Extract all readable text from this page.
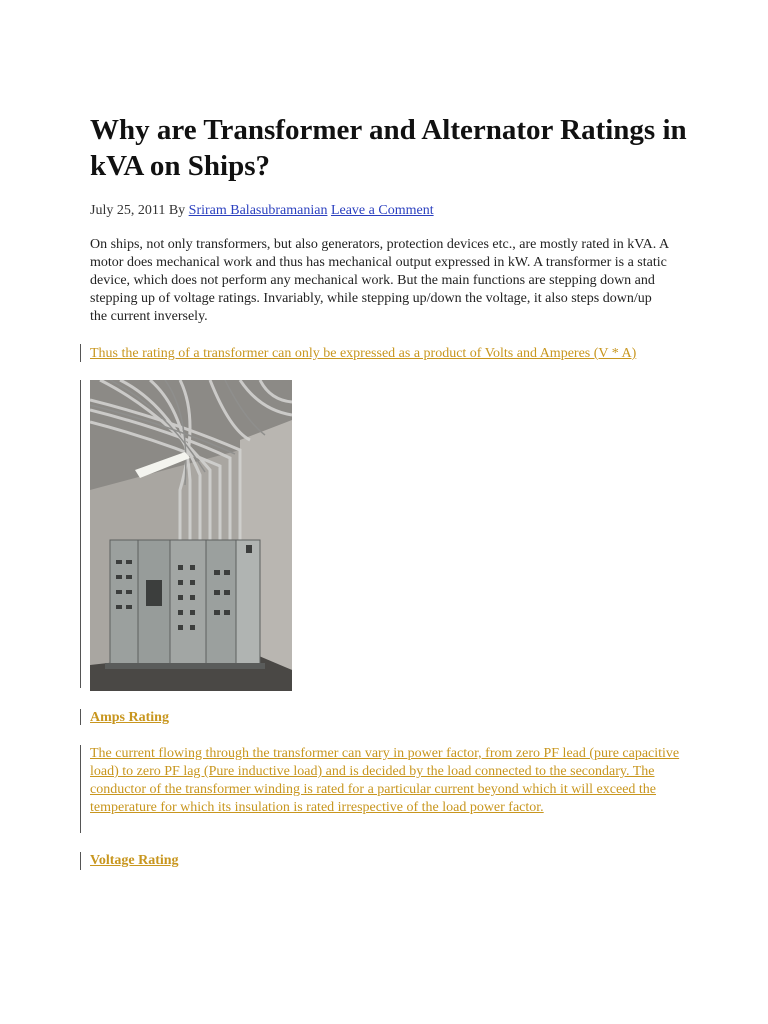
Why are Transformer and Alternator Ratings in kVA on Ships?
July 25, 2011 By Sriram Balasubramanian Leave a Comment

On ships, not only transformers, but also generators, protection devices etc., are mostly rated in kVA. A motor does mechanical work and thus has mechanical output expressed in kW. A transformer is a static device, which does not perform any mechanical work. But the main functions are stepping down and stepping up of voltage ratings. Invariably, while stepping up/down the voltage, it also steps down/up the current inversely.

Thus the rating of a transformer can only be expressed as a product of Volts and Amperes (V * A)
Amps Rating

The current flowing through the transformer can vary in power factor, from zero PF lead (pure capacitive load) to zero PF lag (Pure inductive load) and is decided by the load connected to the secondary. The conductor of the transformer winding is rated for a particular current beyond which it will exceed the temperature for which its insulation is rated irrespective of the load power factor.

Voltage Rating
